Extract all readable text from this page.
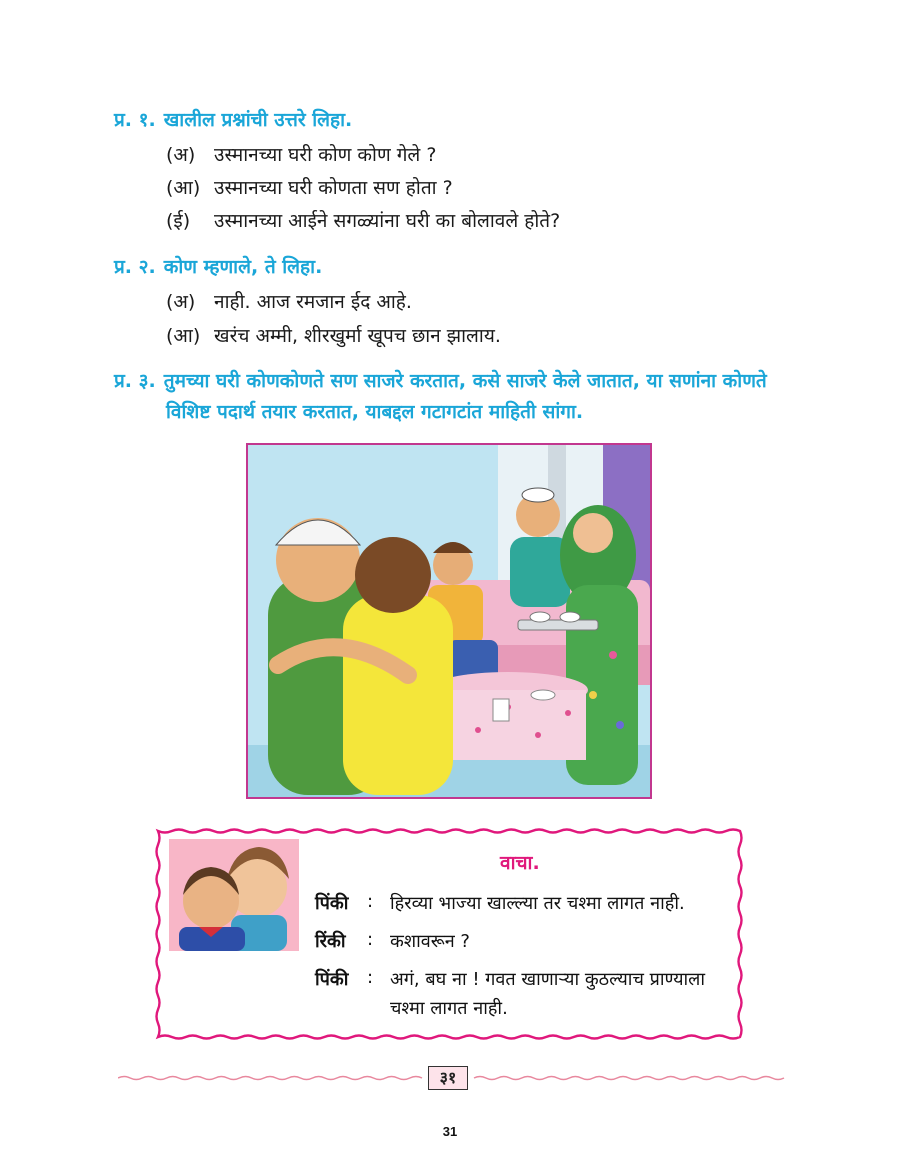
प्र. १. खालील प्रश्नांची उत्तरे लिहा.
(अ) उस्मानच्या घरी कोण कोण गेले ?
(आ) उस्मानच्या घरी कोणता सण होता ?
(ई) उस्मानच्या आईने सगळ्यांना घरी का बोलावले होते?
प्र. २. कोण म्हणाले, ते लिहा.
(अ) नाही. आज रमजान ईद आहे.
(आ) खरंच अम्मी, शीरखुर्मा खूपच छान झालाय.
प्र. ३. तुमच्या घरी कोणकोणते सण साजरे करतात, कसे साजरे केले जातात, या सणांना कोणते
विशिष्ट पदार्थ तयार करतात, याबद्दल गटागटांत माहिती सांगा.
वाचा.
पिंकी : हिरव्या भाज्या खाल्ल्या तर चश्मा लागत नाही.
रिंकी : कशावरून ?
पिंकी : अगं, बघ ना ! गवत खाणाऱ्या कुठल्याच प्राण्याला
चश्मा लागत नाही.
३१
31
